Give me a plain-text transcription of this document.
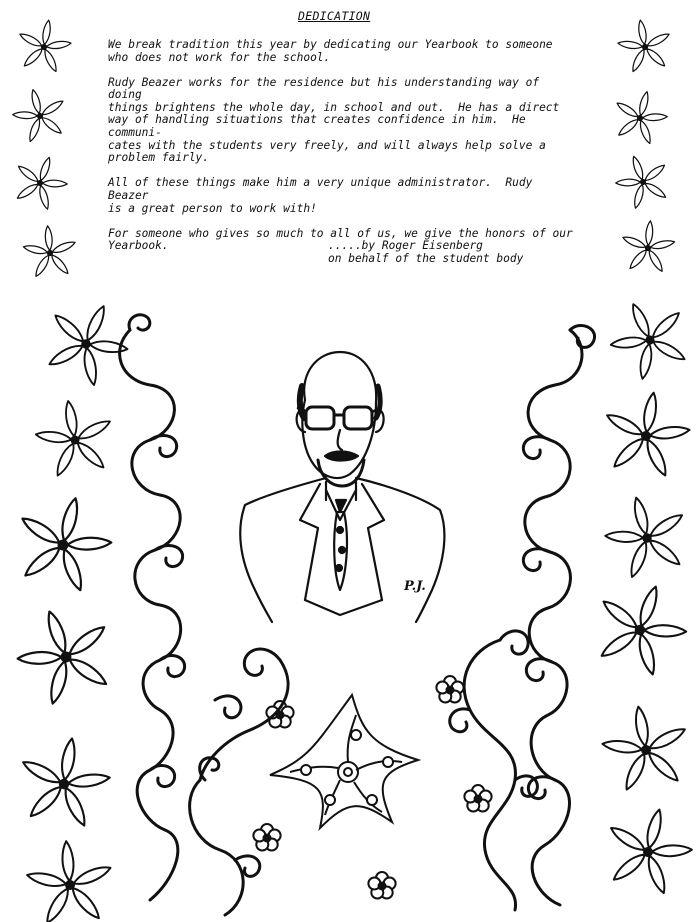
DEDICATION

We break tradition this year by dedicating our Yearbook to someone
who does not work for the school.

Rudy Beazer works for the residence but his understanding way of doing
things brightens the whole day, in school and out.  He has a direct
way of handling situations that creates confidence in him.  He communi-
cates with the students very freely, and will always help solve a
problem fairly.

All of these things make him a very unique administrator.  Rudy Beazer
is a great person to work with!

For someone who gives so much to all of us, we give the honors of our
Yearbook.	.....by Roger Eisenberg
on behalf of the student body
P.J.
